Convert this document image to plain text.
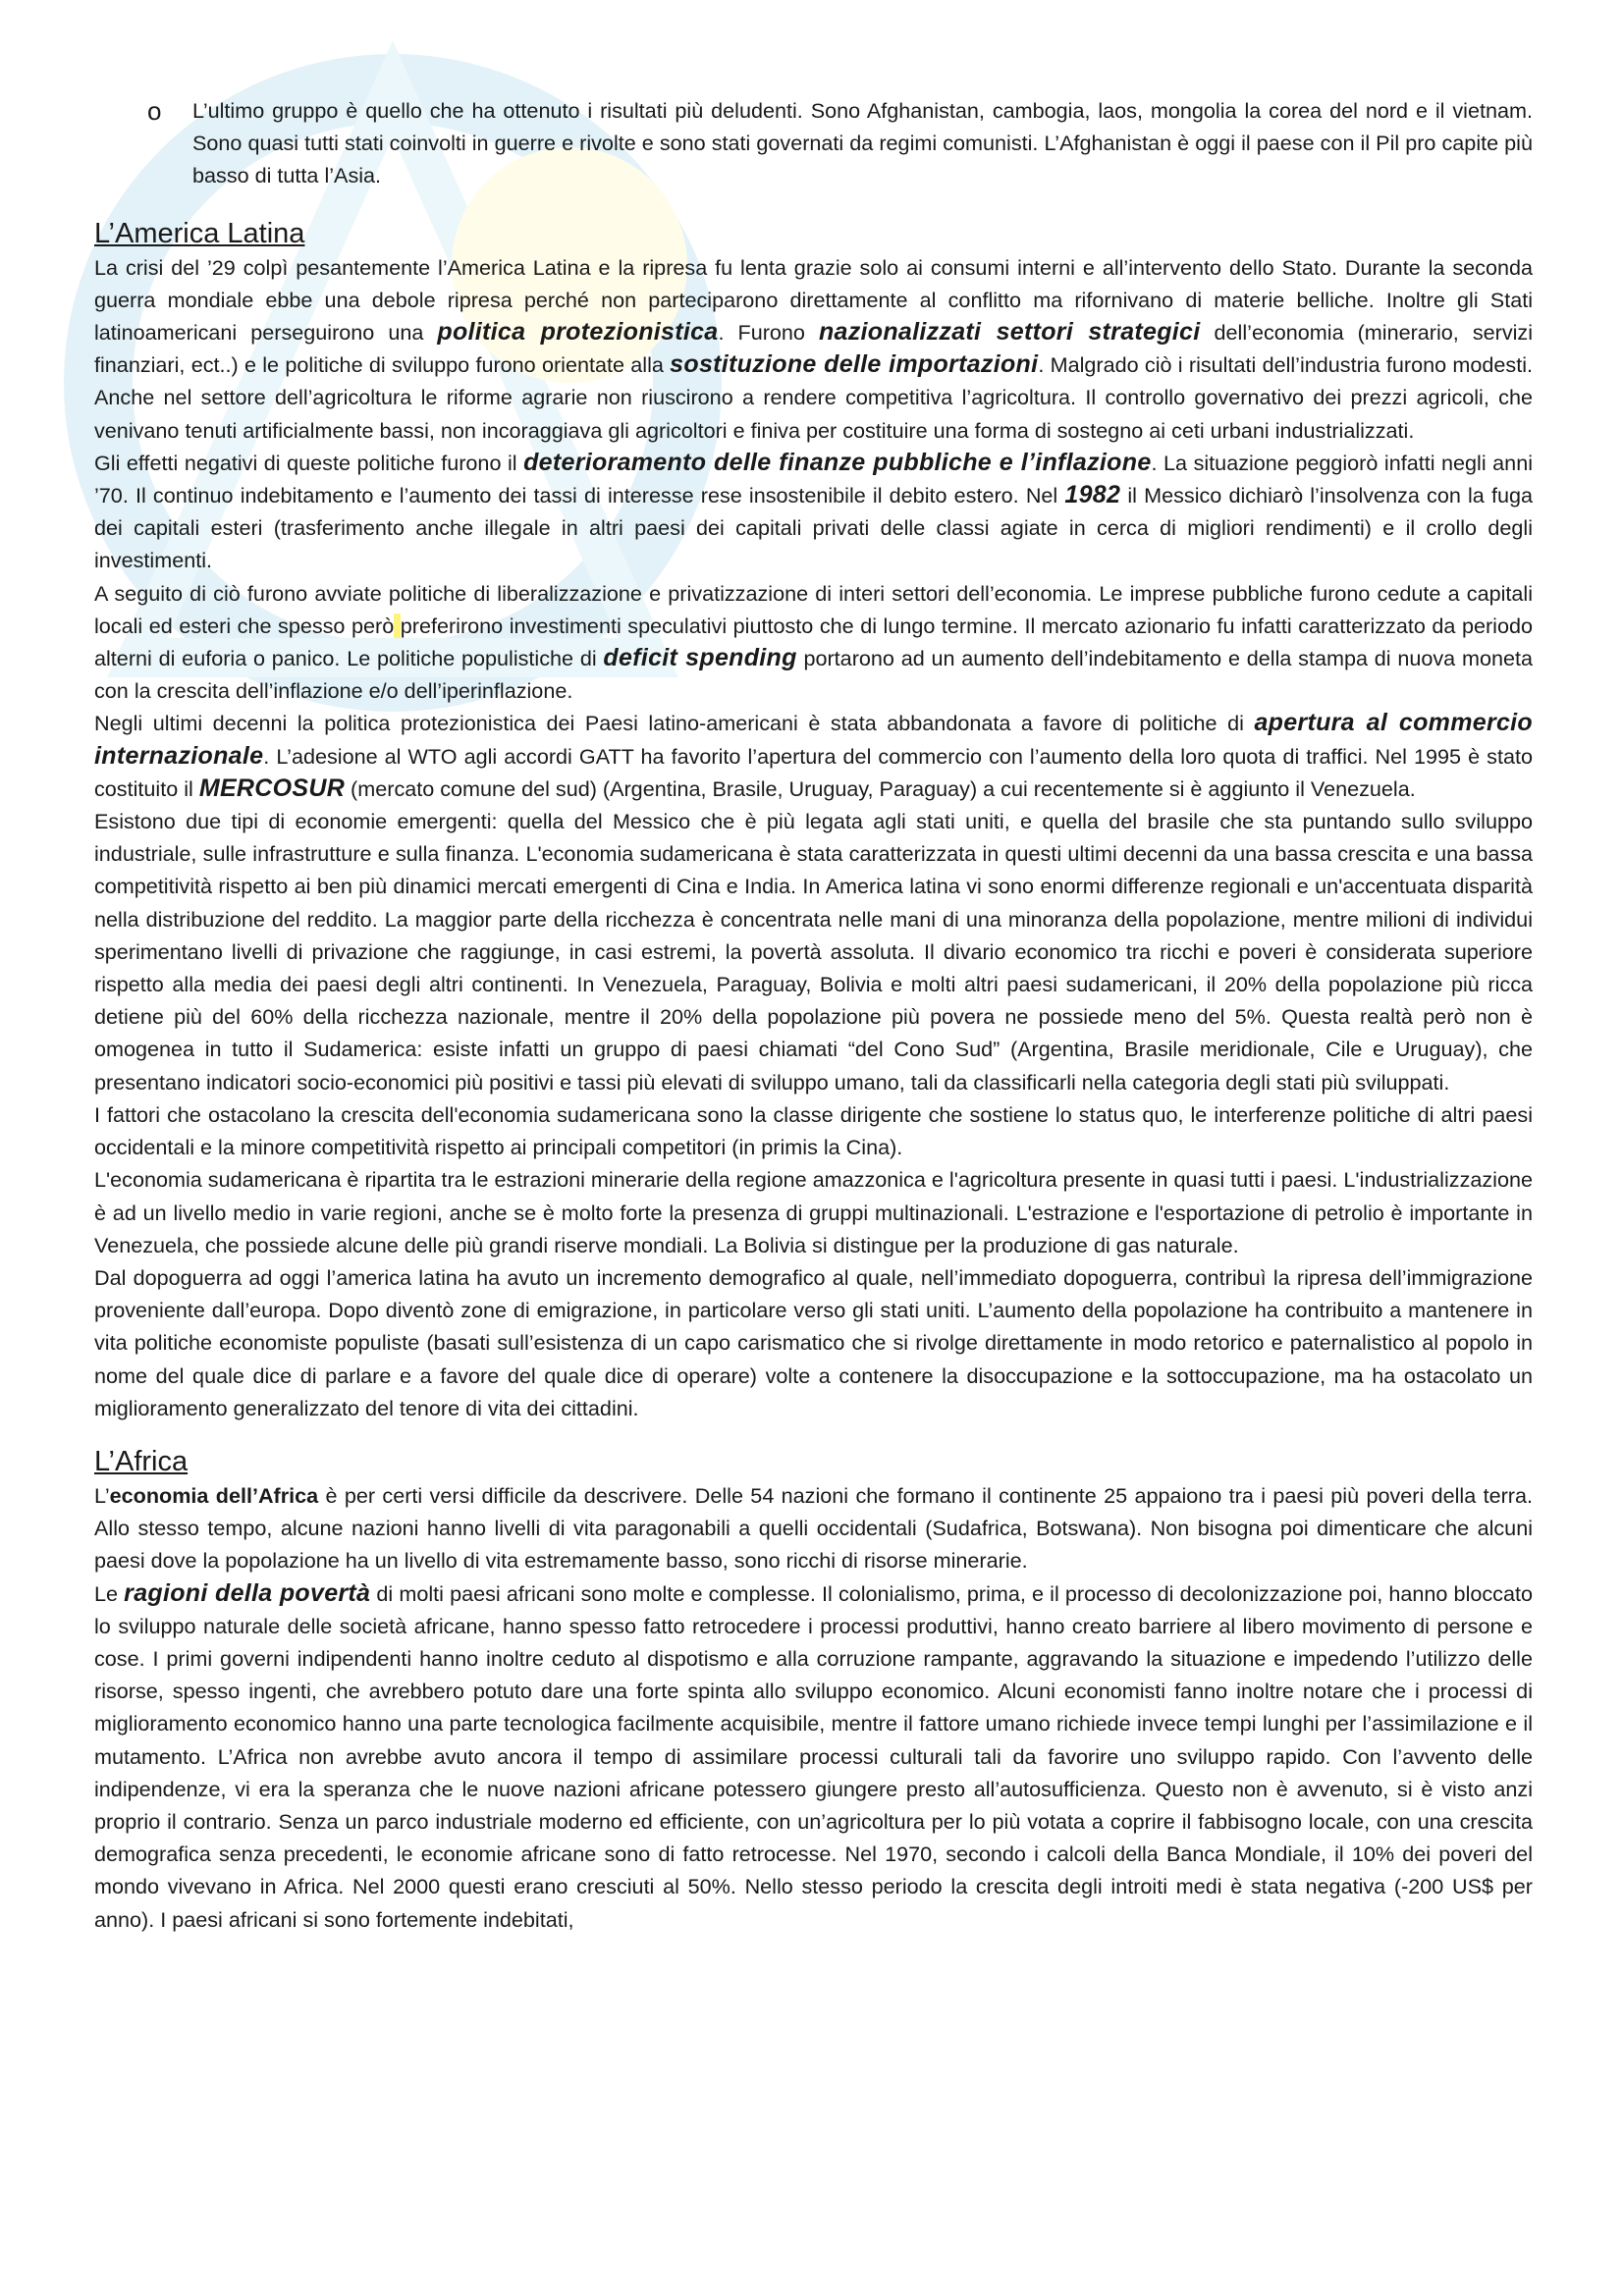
o	L’ultimo gruppo è quello che ha ottenuto i risultati più deludenti. Sono Afghanistan, cambogia, laos, mongolia la corea del nord e il vietnam. Sono quasi tutti stati coinvolti in guerre e rivolte e sono stati governati da regimi comunisti. L’Afghanistan è oggi il paese con il Pil pro capite più basso di tutta l’Asia.

L’America Latina

La crisi del ’29 colpì pesantemente l’America Latina e la ripresa fu lenta grazie solo ai consumi interni e all’intervento dello Stato. Durante la seconda guerra mondiale ebbe una debole ripresa perché non parteciparono direttamente al conflitto ma rifornivano di materie belliche. Inoltre gli Stati latinoamericani perseguirono una politica protezionistica. Furono nazionalizzati settori strategici dell’economia (minerario, servizi finanziari, ect..) e le politiche di sviluppo furono orientate alla sostituzione delle importazioni. Malgrado ciò i risultati dell’industria furono modesti. Anche nel settore dell’agricoltura le riforme agrarie non riuscirono a rendere competitiva l’agricoltura. Il controllo governativo dei prezzi agricoli, che venivano tenuti artificialmente bassi, non incoraggiava gli agricoltori e finiva per costituire una forma di sostegno ai ceti urbani industrializzati.

Gli effetti negativi di queste politiche furono il deterioramento delle finanze pubbliche e l’inflazione. La situazione peggiorò infatti negli anni ’70. Il continuo indebitamento e l’aumento dei tassi di interesse rese insostenibile il debito estero. Nel 1982 il Messico dichiarò l’insolvenza con la fuga dei capitali esteri (trasferimento anche illegale in altri paesi dei capitali privati delle classi agiate in cerca di migliori rendimenti) e il crollo degli investimenti.

A seguito di ciò furono avviate politiche di liberalizzazione e privatizzazione di interi settori dell’economia. Le imprese pubbliche furono cedute a capitali locali ed esteri che spesso però preferirono investimenti speculativi piuttosto che di lungo termine. Il mercato azionario fu infatti caratterizzato da periodo alterni di euforia o panico. Le politiche populistiche di deficit spending portarono ad un aumento dell’indebitamento e della stampa di nuova moneta con la crescita dell’inflazione e/o dell’iperinflazione.

Negli ultimi decenni la politica protezionistica dei Paesi latino-americani è stata abbandonata a favore di politiche di apertura al commercio internazionale. L’adesione al WTO agli accordi GATT ha favorito l’apertura del commercio con l’aumento della loro quota di traffici. Nel 1995 è stato costituito il MERCOSUR (mercato comune del sud) (Argentina, Brasile, Uruguay, Paraguay) a cui recentemente si è aggiunto il Venezuela.

Esistono due tipi di economie emergenti: quella del Messico che è più legata agli stati uniti, e quella del brasile che sta puntando sullo sviluppo industriale, sulle infrastrutture e sulla finanza. L'economia sudamericana è stata caratterizzata in questi ultimi decenni da una bassa crescita e una bassa competitività rispetto ai ben più dinamici mercati emergenti di Cina e India. In America latina vi sono enormi differenze regionali e un'accentuata disparità nella distribuzione del reddito. La maggior parte della ricchezza è concentrata nelle mani di una minoranza della popolazione, mentre milioni di individui sperimentano livelli di privazione che raggiunge, in casi estremi, la povertà assoluta. Il divario economico tra ricchi e poveri è considerata superiore rispetto alla media dei paesi degli altri continenti. In Venezuela, Paraguay, Bolivia e molti altri paesi sudamericani, il 20% della popolazione più ricca detiene più del 60% della ricchezza nazionale, mentre il 20% della popolazione più povera ne possiede meno del 5%. Questa realtà però non è omogenea in tutto il Sudamerica: esiste infatti un gruppo di paesi chiamati “del Cono Sud” (Argentina, Brasile meridionale, Cile e Uruguay), che presentano indicatori socio-economici più positivi e tassi più elevati di sviluppo umano, tali da classificarli nella categoria degli stati più sviluppati.

I fattori che ostacolano la crescita dell'economia sudamericana sono la classe dirigente che sostiene lo status quo, le interferenze politiche di altri paesi occidentali e la minore competitività rispetto ai principali competitori (in primis la Cina).

L'economia sudamericana è ripartita tra le estrazioni minerarie della regione amazzonica e l'agricoltura presente in quasi tutti i paesi. L'industrializzazione è ad un livello medio in varie regioni, anche se è molto forte la presenza di gruppi multinazionali. L'estrazione e l'esportazione di petrolio è importante in Venezuela, che possiede alcune delle più grandi riserve mondiali. La Bolivia si distingue per la produzione di gas naturale.

Dal dopoguerra ad oggi l’america latina ha avuto un incremento demografico al quale, nell’immediato dopoguerra, contribuì la ripresa dell’immigrazione proveniente dall’europa. Dopo diventò zone di emigrazione, in particolare verso gli stati uniti. L’aumento della popolazione ha contribuito a mantenere in vita politiche economiste populiste (basati sull’esistenza di un capo carismatico che si rivolge direttamente in modo retorico e paternalistico al popolo in nome del quale dice di parlare e a favore del quale dice di operare) volte a contenere la disoccupazione e la sottoccupazione, ma ha ostacolato un miglioramento generalizzato del tenore di vita dei cittadini.

L’Africa

L’economia dell’Africa è per certi versi difficile da descrivere. Delle 54 nazioni che formano il continente 25 appaiono tra i paesi più poveri della terra. Allo stesso tempo, alcune nazioni hanno livelli di vita paragonabili a quelli occidentali (Sudafrica, Botswana). Non bisogna poi dimenticare che alcuni paesi dove la popolazione ha un livello di vita estremamente basso, sono ricchi di risorse minerarie.

Le ragioni della povertà di molti paesi africani sono molte e complesse. Il colonialismo, prima, e il processo di decolonizzazione poi, hanno bloccato lo sviluppo naturale delle società africane, hanno spesso fatto retrocedere i processi produttivi, hanno creato barriere al libero movimento di persone e cose. I primi governi indipendenti hanno inoltre ceduto al dispotismo e alla corruzione rampante, aggravando la situazione e impedendo l’utilizzo delle risorse, spesso ingenti, che avrebbero potuto dare una forte spinta allo sviluppo economico. Alcuni economisti fanno inoltre notare che i processi di miglioramento economico hanno una parte tecnologica facilmente acquisibile, mentre il fattore umano richiede invece tempi lunghi per l’assimilazione e il mutamento. L’Africa non avrebbe avuto ancora il tempo di assimilare processi culturali tali da favorire uno sviluppo rapido. Con l’avvento delle indipendenze, vi era la speranza che le nuove nazioni africane potessero giungere presto all’autosufficienza. Questo non è avvenuto, si è visto anzi proprio il contrario. Senza un parco industriale moderno ed efficiente, con un’agricoltura per lo più votata a coprire il fabbisogno locale, con una crescita demografica senza precedenti, le economie africane sono di fatto retrocesse. Nel 1970, secondo i calcoli della Banca Mondiale, il 10% dei poveri del mondo vivevano in Africa. Nel 2000 questi erano cresciuti al 50%. Nello stesso periodo la crescita degli introiti medi è stata negativa (-200 US$ per anno). I paesi africani si sono fortemente indebitati,
